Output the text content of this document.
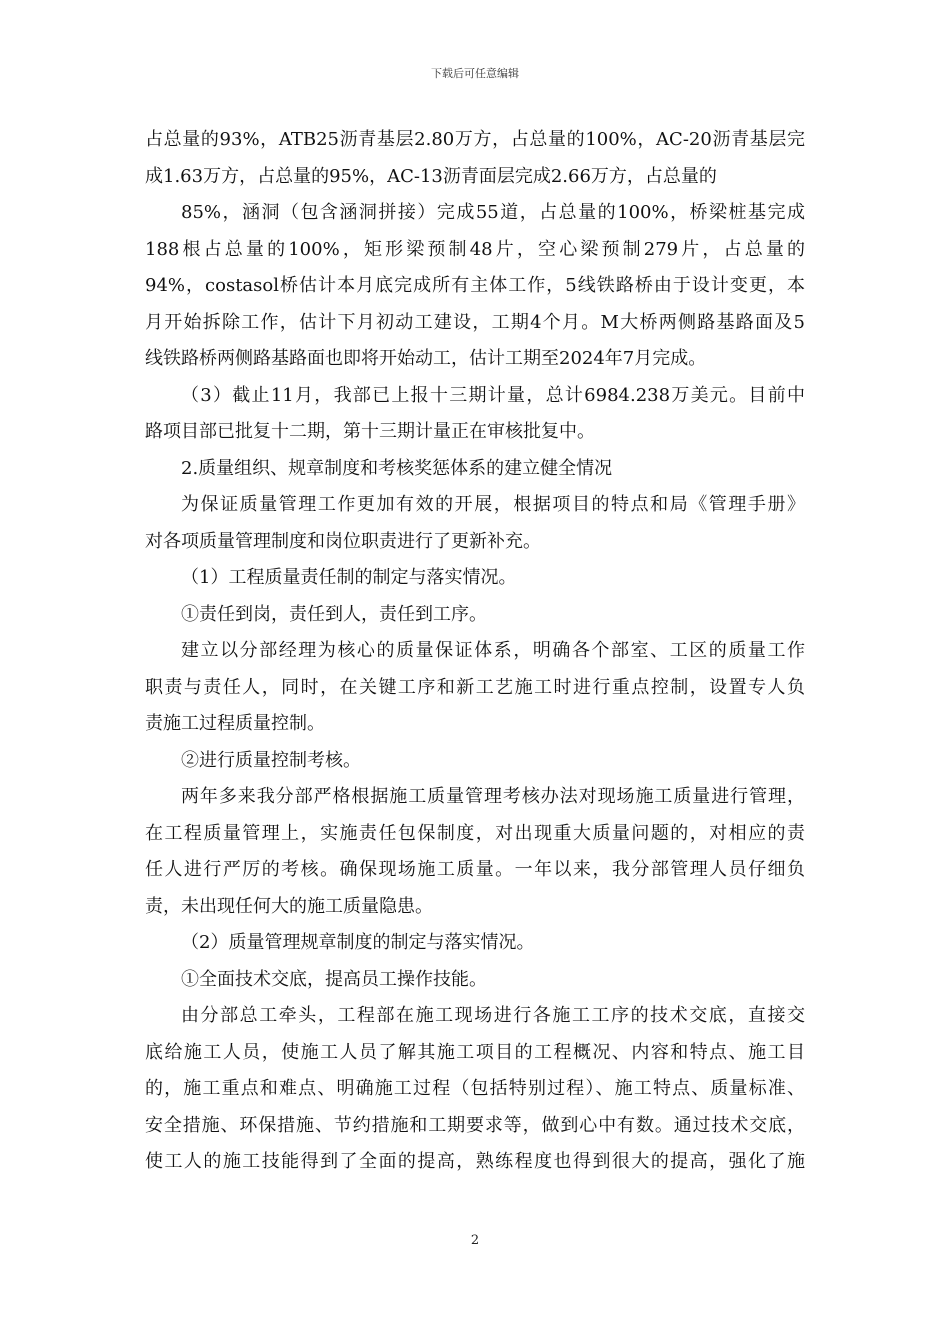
下载后可任意编辑
占总量的93%，ATB25沥青基层2.80万方，占总量的100%，AC-20沥青基层完
成1.63万方，占总量的95%，AC-13沥青面层完成2.66万方，占总量的
85%，涵洞（包含涵洞拼接）完成55道，占总量的100%，桥梁桩基完成
188根占总量的100%，矩形梁预制48片，空心梁预制279片，占总量的
94%，costasol桥估计本月底完成所有主体工作，5线铁路桥由于设计变更，本
月开始拆除工作，估计下月初动工建设，工期4个月。M大桥两侧路基路面及5
线铁路桥两侧路基路面也即将开始动工，估计工期至2024年7月完成。
（3）截止11月，我部已上报十三期计量，总计6984.238万美元。目前中
路项目部已批复十二期，第十三期计量正在审核批复中。
2.质量组织、规章制度和考核奖惩体系的建立健全情况
为保证质量管理工作更加有效的开展，根据项目的特点和局《管理手册》
对各项质量管理制度和岗位职责进行了更新补充。
（1）工程质量责任制的制定与落实情况。
①责任到岗，责任到人，责任到工序。
建立以分部经理为核心的质量保证体系，明确各个部室、工区的质量工作
职责与责任人，同时，在关键工序和新工艺施工时进行重点控制，设置专人负
责施工过程质量控制。
②进行质量控制考核。
两年多来我分部严格根据施工质量管理考核办法对现场施工质量进行管理，
在工程质量管理上，实施责任包保制度，对出现重大质量问题的，对相应的责
任人进行严厉的考核。确保现场施工质量。一年以来，我分部管理人员仔细负
责，未出现任何大的施工质量隐患。
（2）质量管理规章制度的制定与落实情况。
①全面技术交底，提高员工操作技能。
由分部总工牵头，工程部在施工现场进行各施工工序的技术交底，直接交
底给施工人员，使施工人员了解其施工项目的工程概况、内容和特点、施工目
的，施工重点和难点、明确施工过程（包括特别过程）、施工特点、质量标准、
安全措施、环保措施、节约措施和工期要求等，做到心中有数。通过技术交底，
使工人的施工技能得到了全面的提高，熟练程度也得到很大的提高，强化了施
2
